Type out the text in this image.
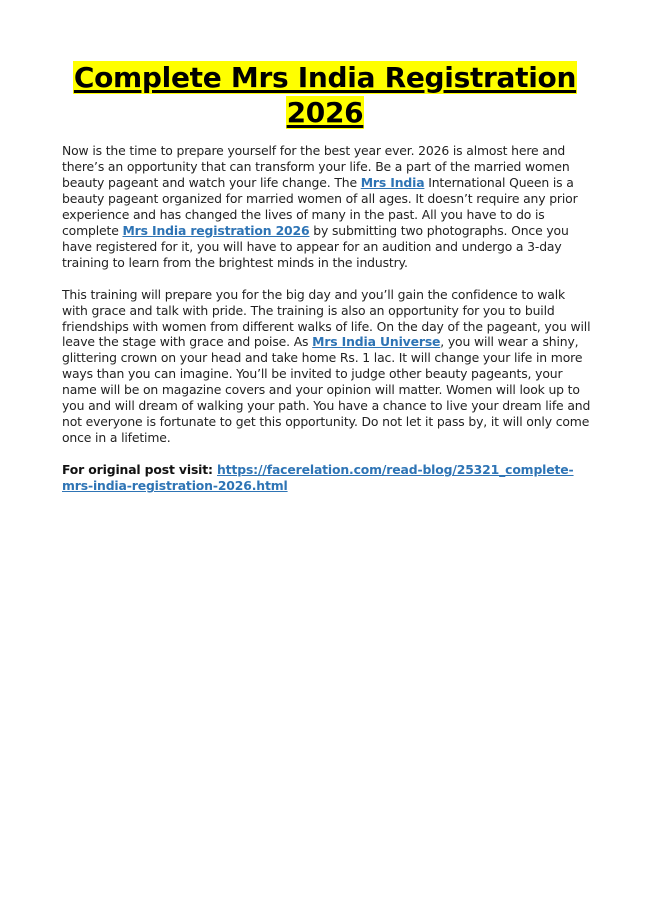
Complete Mrs India Registration
2026

Now is the time to prepare yourself for the best year ever. 2026 is almost here and there’s an opportunity that can transform your life. Be a part of the married women beauty pageant and watch your life change. The Mrs India International Queen is a beauty pageant organized for married women of all ages. It doesn’t require any prior experience and has changed the lives of many in the past. All you have to do is complete Mrs India registration 2026 by submitting two photographs. Once you have registered for it, you will have to appear for an audition and undergo a 3-day training to learn from the brightest minds in the industry.

This training will prepare you for the big day and you’ll gain the confidence to walk with grace and talk with pride. The training is also an opportunity for you to build friendships with women from different walks of life. On the day of the pageant, you will leave the stage with grace and poise. As Mrs India Universe, you will wear a shiny, glittering crown on your head and take home Rs. 1 lac. It will change your life in more ways than you can imagine. You’ll be invited to judge other beauty pageants, your name will be on magazine covers and your opinion will matter. Women will look up to you and will dream of walking your path. You have a chance to live your dream life and not everyone is fortunate to get this opportunity. Do not let it pass by, it will only come once in a lifetime.

For original post visit: https://facerelation.com/read-blog/25321_complete-mrs-india-registration-2026.html
